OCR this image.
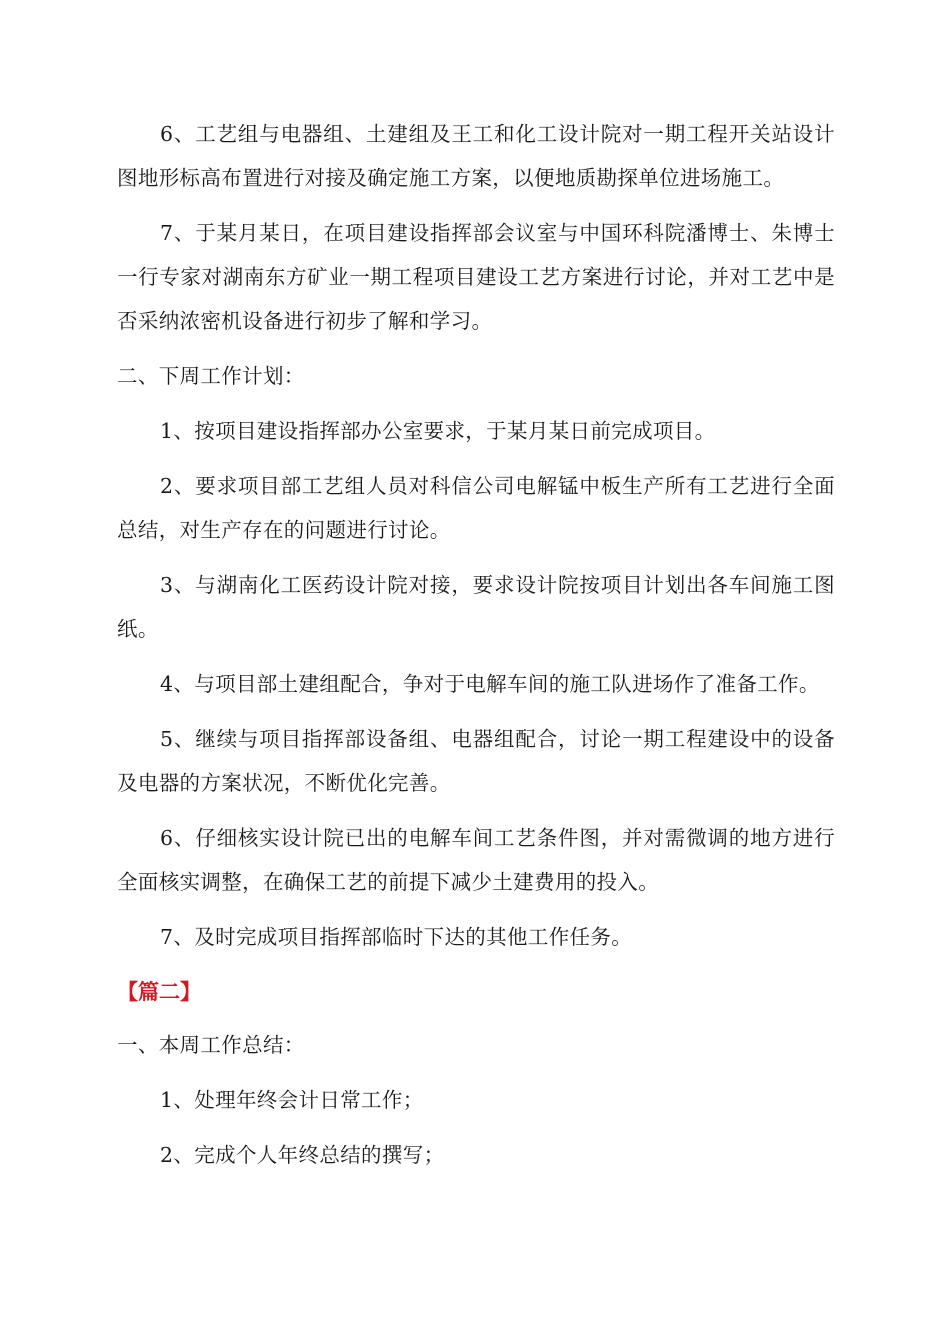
6、工艺组与电器组、土建组及王工和化工设计院对一期工程开关站设计图地形标高布置进行对接及确定施工方案，以便地质勘探单位进场施工。

7、于某月某日，在项目建设指挥部会议室与中国环科院潘博士、朱博士一行专家对湖南东方矿业一期工程项目建设工艺方案进行讨论，并对工艺中是否采纳浓密机设备进行初步了解和学习。

二、下周工作计划：

1、按项目建设指挥部办公室要求，于某月某日前完成项目。

2、要求项目部工艺组人员对科信公司电解锰中板生产所有工艺进行全面总结，对生产存在的问题进行讨论。

3、与湖南化工医药设计院对接，要求设计院按项目计划出各车间施工图纸。

4、与项目部土建组配合，争对于电解车间的施工队进场作了准备工作。

5、继续与项目指挥部设备组、电器组配合，讨论一期工程建设中的设备及电器的方案状况，不断优化完善。

6、仔细核实设计院已出的电解车间工艺条件图，并对需微调的地方进行全面核实调整，在确保工艺的前提下减少土建费用的投入。

7、及时完成项目指挥部临时下达的其他工作任务。

【篇二】

一、本周工作总结：

1、处理年终会计日常工作；

2、完成个人年终总结的撰写；
